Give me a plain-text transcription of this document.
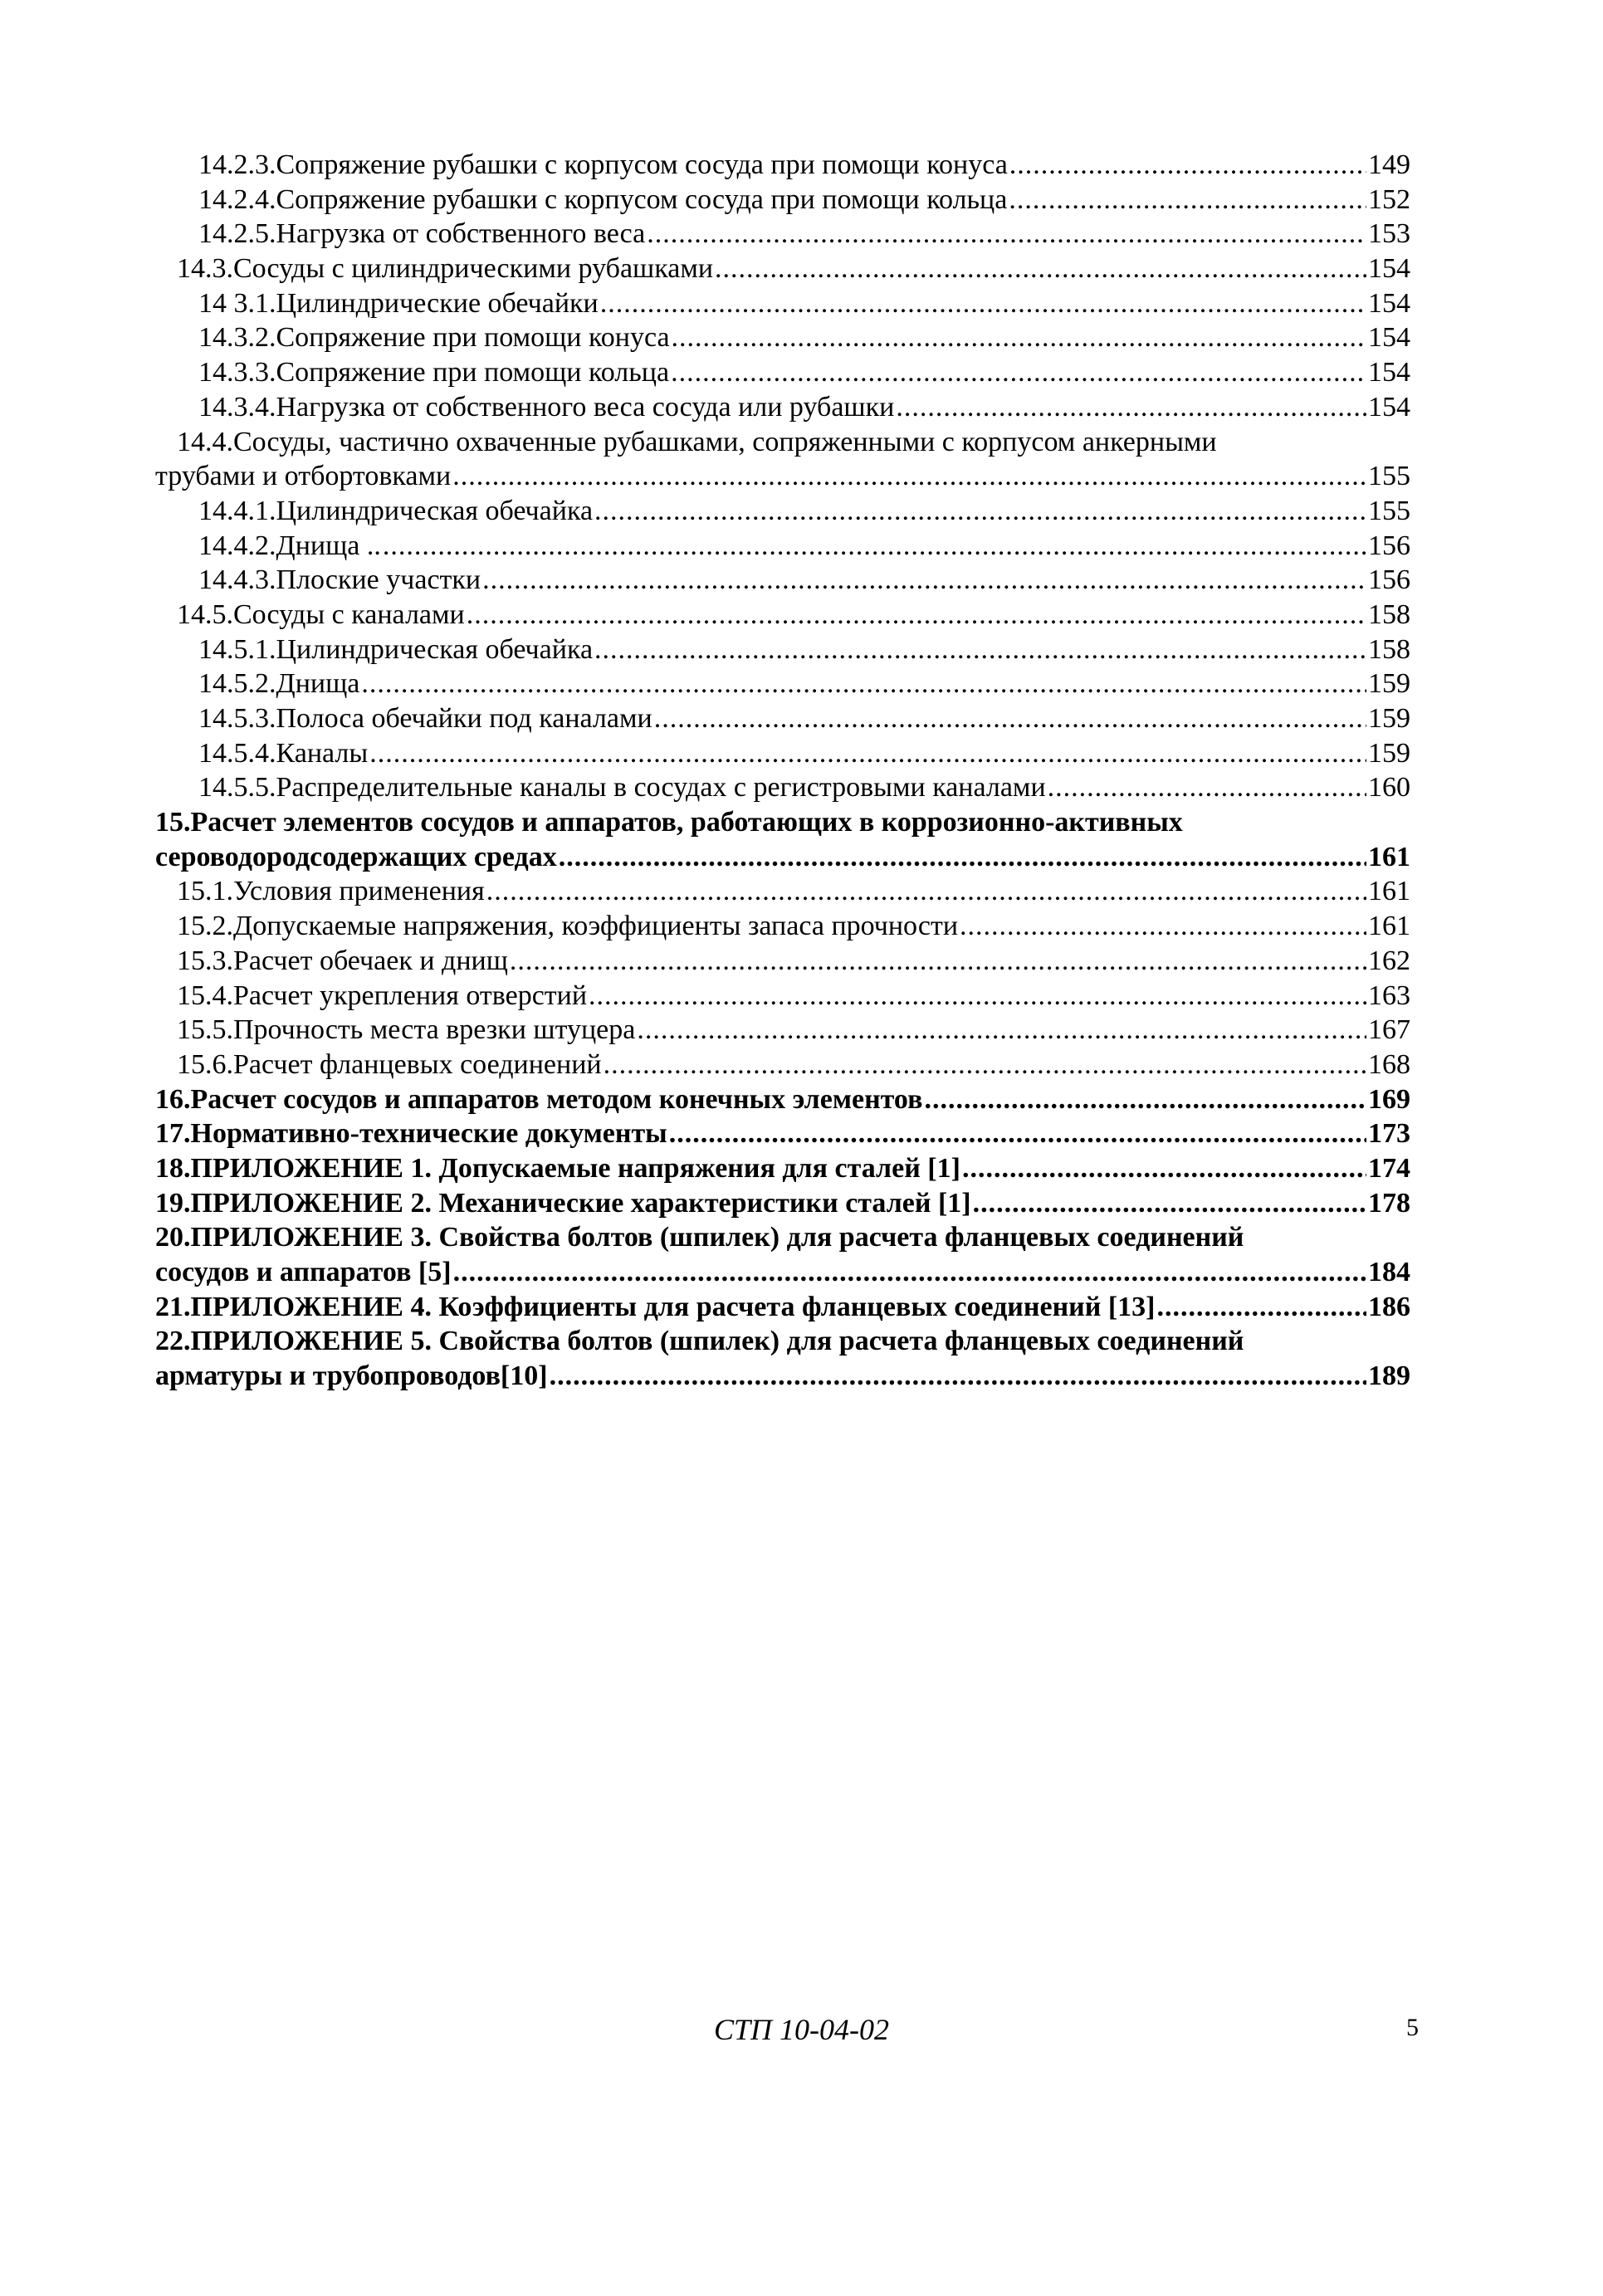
14.2.3. Сопряжение рубашки с корпусом сосуда при помощи конуса .....	149
14.2.4. Сопряжение рубашки с корпусом сосуда при помощи кольца .....	152
14.2.5. Нагрузка от собственного веса .....	153
14.3. Сосуды с цилиндрическими рубашками .....	154
14 3.1. Цилиндрические обечайки .....	154
14.3.2. Сопряжение при помощи конуса .....	154
14.3.3. Сопряжение при помощи кольца .....	154
14.3.4. Нагрузка от собственного веса сосуда или рубашки .....	154
14.4. Сосуды, частично охваченные рубашками, сопряженными с корпусом анкерными
трубами и отбортовками .....	155
14.4.1. Цилиндрическая обечайка .....	155
14.4.2. Днища .. .....	156
14.4.3. Плоские участки .....	156
14.5. Сосуды с каналами .....	158
14.5.1. Цилиндрическая обечайка .....	158
14.5.2. Днища .....	159
14.5.3. Полоса обечайки под каналами .....	159
14.5.4. Каналы .....	159
14.5.5. Распределительные каналы в сосудах с регистровыми каналами .....	160
15. Расчет элементов сосудов и аппаратов, работающих в коррозионно-активных
сероводородсодержащих средах .....	161
15.1. Условия применения .....	161
15.2. Допускаемые напряжения, коэффициенты запаса прочности .....	161
15.3. Расчет обечаек и днищ .....	162
15.4. Расчет укрепления отверстий .....	163
15.5. Прочность места врезки штуцера .....	167
15.6. Расчет фланцевых соединений .....	168
16. Расчет сосудов и аппаратов методом конечных элементов .....	169
17. Нормативно-технические документы .....	173
18. ПРИЛОЖЕНИЕ 1. Допускаемые напряжения для сталей [1] .....	174
19. ПРИЛОЖЕНИЕ 2. Механические характеристики сталей [1] .....	178
20. ПРИЛОЖЕНИЕ 3. Свойства болтов (шпилек) для расчета фланцевых соединений
сосудов и аппаратов [5] .....	184
21. ПРИЛОЖЕНИЕ 4. Коэффициенты для расчета фланцевых соединений [13] .....	186
22. ПРИЛОЖЕНИЕ 5. Свойства болтов (шпилек) для расчета фланцевых соединений
арматуры и трубопроводов[10] .....	189
СТП 10-04-02	5
